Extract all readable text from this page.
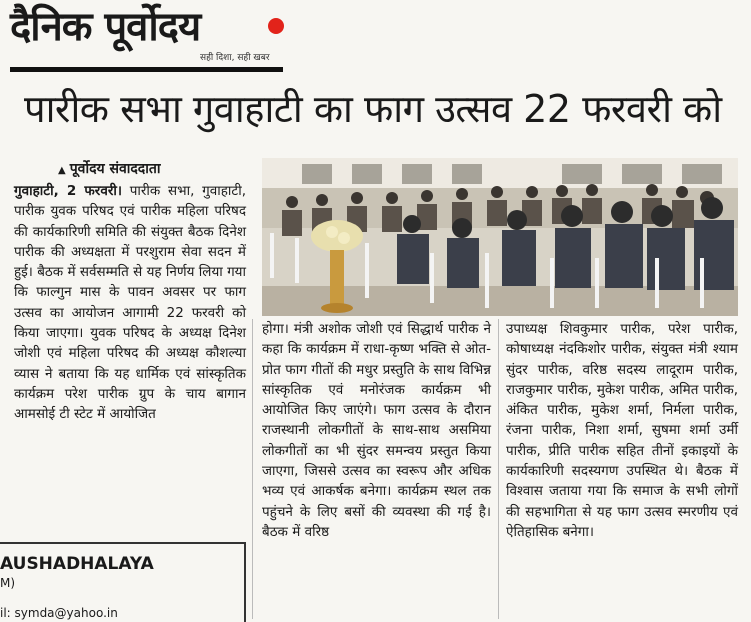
दैनिक पूर्वोदय
सही दिशा, सही खबर
पारीक सभा गुवाहाटी का फाग उत्सव 22 फरवरी को
▲ पूर्वोदय संवाददाता

गुवाहाटी, 2 फरवरी। पारीक सभा, गुवाहाटी, पारीक युवक परिषद एवं पारीक महिला परिषद की कार्यकारिणी समिति की संयुक्त बैठक दिनेश पारीक की अध्यक्षता में परशुराम सेवा सदन में हुई। बैठक में सर्वसम्मति से यह निर्णय लिया गया कि फाल्गुन मास के पावन अवसर पर फाग उत्सव का आयोजन आगामी 22 फरवरी को किया जाएगा। युवक परिषद के अध्यक्ष दिनेश जोशी एवं महिला परिषद की अध्यक्ष कौशल्या व्यास ने बताया कि यह धार्मिक एवं सांस्कृतिक कार्यक्रम परेश पारीक ग्रुप के चाय बागान आमसोई टी स्टेट में आयोजित

होगा। मंत्री अशोक जोशी एवं सिद्धार्थ पारीक ने कहा कि कार्यक्रम में राधा-कृष्ण भक्ति से ओत-प्रोत फाग गीतों की मधुर प्रस्तुति के साथ विभिन्न सांस्कृतिक एवं मनोरंजक कार्यक्रम भी आयोजित किए जाएंगे। फाग उत्सव के दौरान राजस्थानी लोकगीतों के साथ-साथ असमिया लोकगीतों का भी सुंदर समन्वय प्रस्तुत किया जाएगा, जिससे उत्सव का स्वरूप और अधिक भव्य एवं आकर्षक बनेगा। कार्यक्रम स्थल तक पहुंचने के लिए बसों की व्यवस्था की गई है। बैठक में वरिष्ठ

उपाध्यक्ष शिवकुमार पारीक, परेश पारीक, कोषाध्यक्ष नंदकिशोर पारीक, संयुक्त मंत्री श्याम सुंदर पारीक, वरिष्ठ सदस्य लादूराम पारीक, राजकुमार पारीक, मुकेश पारीक, अमित पारीक, अंकित पारीक, मुकेश शर्मा, निर्मला पारीक, रंजना पारीक, निशा शर्मा, सुषमा शर्मा उर्मी पारीक, प्रीति पारीक सहित तीनों इकाइयों के कार्यकारिणी सदस्यगण उपस्थित थे। बैठक में विश्वास जताया गया कि समाज के सभी लोगों की सहभागिता से यह फाग उत्सव स्मरणीय एवं ऐतिहासिक बनेगा।

AUSHADHALAYA
M)
il: symda@yahoo.in
